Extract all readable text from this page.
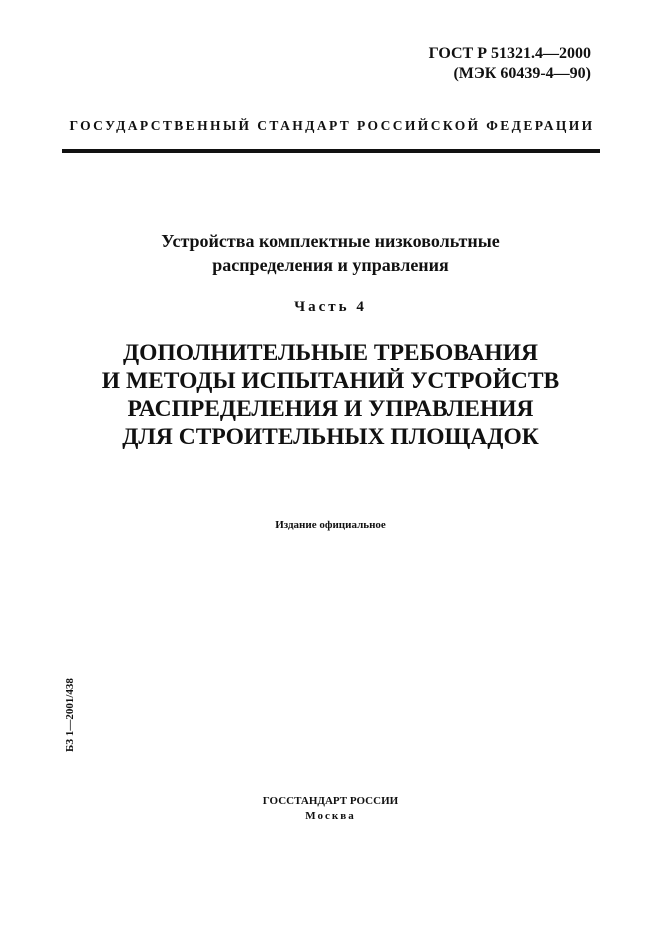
ГОСТ Р 51321.4—2000
(МЭК 60439-4—90)
ГОСУДАРСТВЕННЫЙ СТАНДАРТ РОССИЙСКОЙ ФЕДЕРАЦИИ
Устройства комплектные низковольтные
распределения и управления
Часть 4
ДОПОЛНИТЕЛЬНЫЕ ТРЕБОВАНИЯ
И МЕТОДЫ ИСПЫТАНИЙ УСТРОЙСТВ
РАСПРЕДЕЛЕНИЯ И УПРАВЛЕНИЯ
ДЛЯ СТРОИТЕЛЬНЫХ ПЛОЩАДОК
Издание официальное
БЗ 1—2001/438
ГОССТАНДАРТ РОССИИ
Москва
